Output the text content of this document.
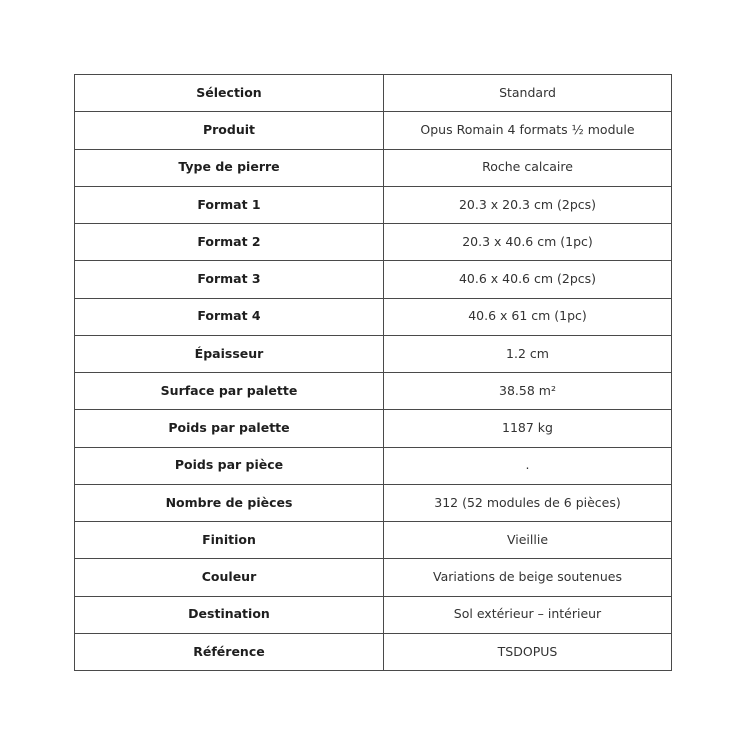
Sélection	Standard
Produit	Opus Romain 4 formats ½ module
Type de pierre	Roche calcaire
Format 1	20.3 x 20.3 cm (2pcs)
Format 2	20.3 x 40.6 cm (1pc)
Format 3	40.6 x 40.6 cm (2pcs)
Format 4	40.6 x 61 cm (1pc)
Épaisseur	1.2 cm
Surface par palette	38.58 m²
Poids par palette	1187 kg
Poids par pièce	.
Nombre de pièces	312 (52 modules de 6 pièces)
Finition	Vieillie
Couleur	Variations de beige soutenues
Destination	Sol extérieur – intérieur
Référence	TSDOPUS
